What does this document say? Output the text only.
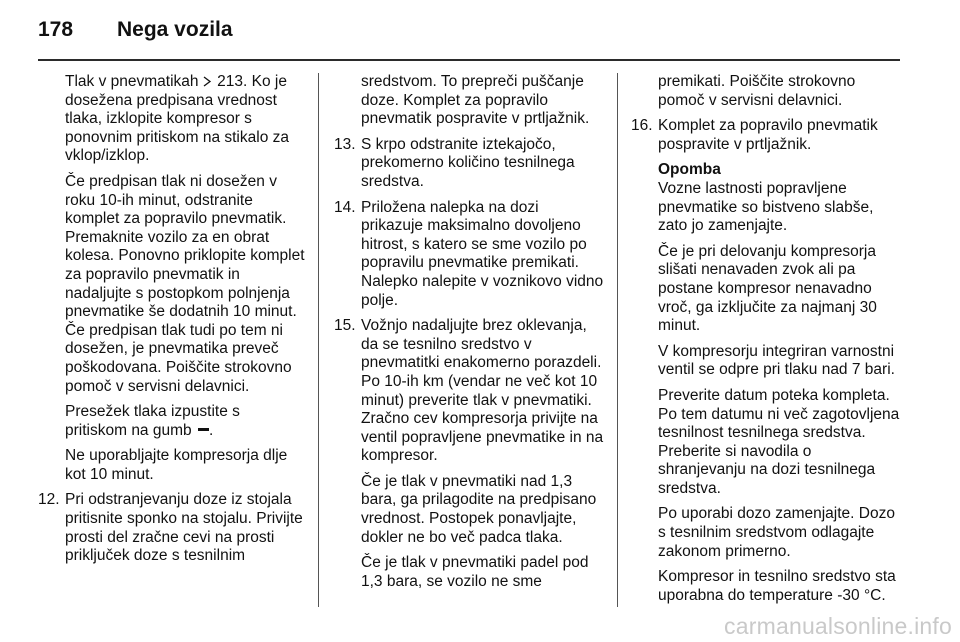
178 Nega vozila

Tlak v pnevmatikah  213. Ko je dosežena predpisana vrednost tlaka, izklopite kompresor s ponovnim pritiskom na stikalo za vklop/izklop.

Če predpisan tlak ni dosežen v roku 10-ih minut, odstranite komplet za popravilo pnevmatik. Premaknite vozilo za en obrat kolesa. Ponovno priklopite komplet za popravilo pnevmatik in nadaljujte s postopkom polnjenja pnevmatike še dodatnih 10 minut. Če predpisan tlak tudi po tem ni dosežen, je pnevmatika preveč poškodovana. Poiščite strokovno pomoč v servisni delavnici.

Presežek tlaka izpustite s pritiskom na gumb .

Ne uporabljajte kompresorja dlje kot 10 minut.

12. Pri odstranjevanju doze iz stojala pritisnite sponko na stojalu. Privijte prosti del zračne cevi na prosti priključek doze s tesnilnim

sredstvom. To prepreči puščanje doze. Komplet za popravilo pnevmatik pospravite v prtljažnik.

13. S krpo odstranite iztekajočo, prekomerno količino tesnilnega sredstva.

14. Priložena nalepka na dozi prikazuje maksimalno dovoljeno hitrost, s katero se sme vozilo po popravilu pnevmatike premikati. Nalepko nalepite v voznikovo vidno polje.

15. Vožnjo nadaljujte brez oklevanja, da se tesnilno sredstvo v pnevmatitki enakomerno porazdeli. Po 10-ih km (vendar ne več kot 10 minut) preverite tlak v pnevmatiki. Zračno cev kompresorja privijte na ventil popravljene pnevmatike in na kompresor.

Če je tlak v pnevmatiki nad 1,3 bara, ga prilagodite na predpisano vrednost. Postopek ponavljajte, dokler ne bo več padca tlaka.

Če je tlak v pnevmatiki padel pod 1,3 bara, se vozilo ne sme

premikati. Poiščite strokovno pomoč v servisni delavnici.

16. Komplet za popravilo pnevmatik pospravite v prtljažnik.

Opomba

Vozne lastnosti popravljene pnevmatike so bistveno slabše, zato jo zamenjajte.

Če je pri delovanju kompresorja slišati nenavaden zvok ali pa postane kompresor nenavadno vroč, ga izklјučite za najmanj 30 minut.

V kompresorju integriran varnostni ventil se odpre pri tlaku nad 7 bari.

Preverite datum poteka kompleta. Po tem datumu ni več zagotovljena tesnilnost tesnilnega sredstva. Preberite si navodila o shranjevanju na dozi tesnilnega sredstva.

Po uporabi dozo zamenjajte. Dozo s tesnilnim sredstvom odlagajte zakonom primerno.

Kompresor in tesnilno sredstvo sta uporabna do temperature -30 °C.

carmanualsonline.info
